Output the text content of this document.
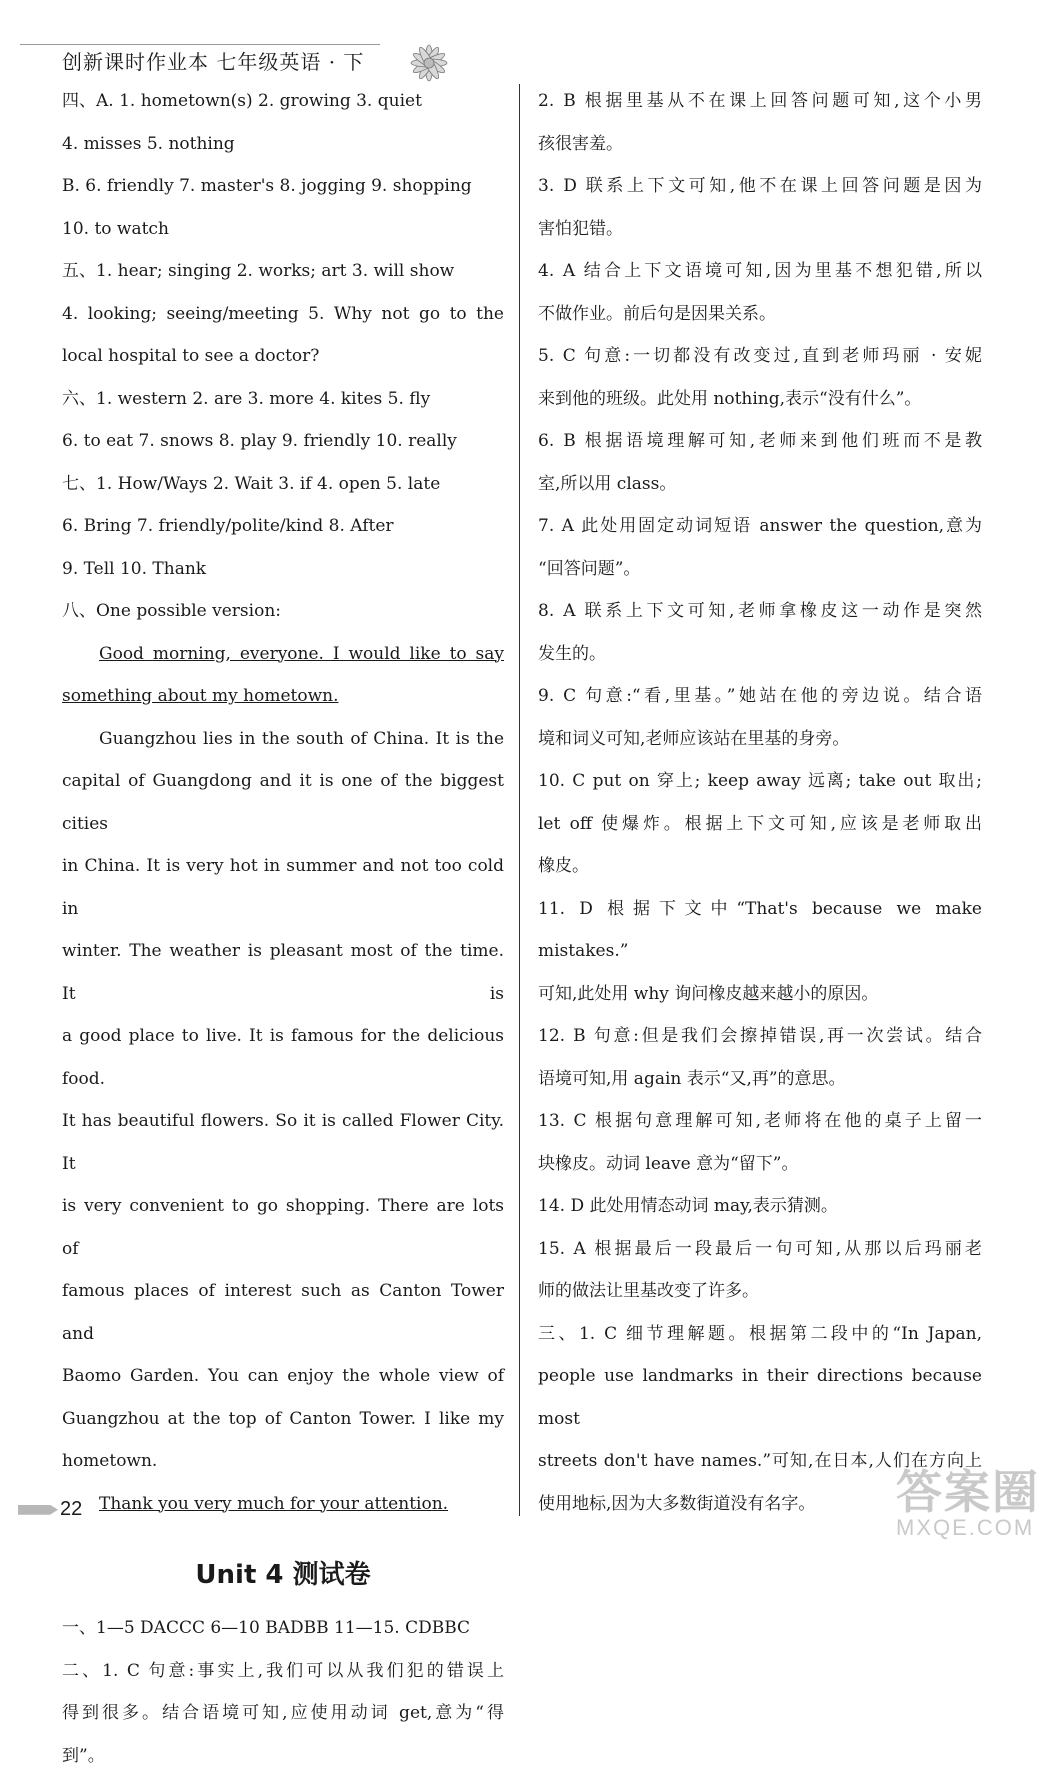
创新课时作业本 七年级英语 · 下

四、A. 1. hometown(s) 2. growing 3. quiet

4. misses 5. nothing

B. 6. friendly 7. master's 8. jogging 9. shopping

10. to watch

五、1. hear; singing 2. works; art 3. will show

4. looking; seeing/meeting 5. Why not go to the

local hospital to see a doctor?

六、1. western 2. are 3. more 4. kites 5. fly

6. to eat 7. snows 8. play 9. friendly 10. really

七、1. How/Ways 2. Wait 3. if 4. open 5. late

6. Bring 7. friendly/polite/kind 8. After

9. Tell 10. Thank

八、One possible version:

Good morning, everyone. I would like to say

something about my hometown.

Guangzhou lies in the south of China. It is the

capital of Guangdong and it is one of the biggest cities

in China. It is very hot in summer and not too cold in

winter. The weather is pleasant most of the time. It is

a good place to live. It is famous for the delicious food.

It has beautiful flowers. So it is called Flower City. It

is very convenient to go shopping. There are lots of

famous places of interest such as Canton Tower and

Baomo Garden. You can enjoy the whole view of

Guangzhou at the top of Canton Tower. I like my

hometown.

Thank you very much for your attention.

Unit 4 测试卷

一、1—5 DACCC 6—10 BADBB 11—15. CDBBC

二、1. C 句意:事实上,我们可以从我们犯的错误上

得到很多。结合语境可知,应使用动词 get,意为“得

到”。

2. B 根据里基从不在课上回答问题可知,这个小男

孩很害羞。

3. D 联系上下文可知,他不在课上回答问题是因为

害怕犯错。

4. A 结合上下文语境可知,因为里基不想犯错,所以

不做作业。前后句是因果关系。

5. C 句意:一切都没有改变过,直到老师玛丽 · 安妮

来到他的班级。此处用 nothing,表示“没有什么”。

6. B 根据语境理解可知,老师来到他们班而不是教

室,所以用 class。

7. A 此处用固定动词短语 answer the question,意为

“回答问题”。

8. A 联系上下文可知,老师拿橡皮这一动作是突然

发生的。

9. C 句意:“看,里基。”她站在他的旁边说。结合语

境和词义可知,老师应该站在里基的身旁。

10. C put on 穿上; keep away 远离; take out 取出;

let off 使爆炸。根据上下文可知,应该是老师取出

橡皮。

11. D 根据下文中“That's because we make mistakes.”

可知,此处用 why 询问橡皮越来越小的原因。

12. B 句意:但是我们会擦掉错误,再一次尝试。结合

语境可知,用 again 表示“又,再”的意思。

13. C 根据句意理解可知,老师将在他的桌子上留一

块橡皮。动词 leave 意为“留下”。

14. D 此处用情态动词 may,表示猜测。

15. A 根据最后一段最后一句可知,从那以后玛丽老

师的做法让里基改变了许多。

三、1. C 细节理解题。根据第二段中的“In Japan,

people use landmarks in their directions because most

streets don't have names.”可知,在日本,人们在方向上

使用地标,因为大多数街道没有名字。

22	答案圈
MXQE.COM
